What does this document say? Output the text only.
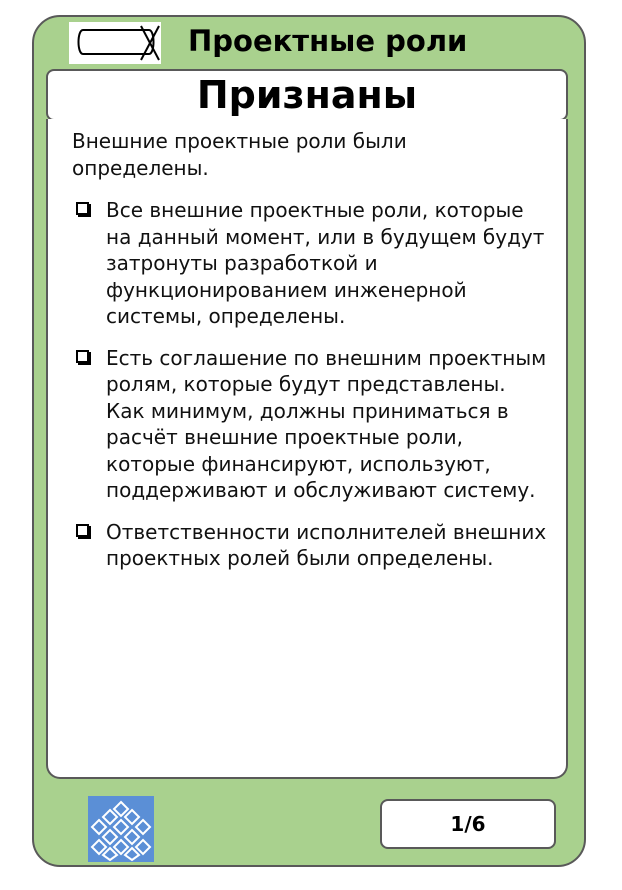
Проектные роли
Признаны

Внешние проектные роли были определены.

Все внешние проектные роли, которые на данный момент, или в будущем будут затронуты разработкой и функционированием инженерной системы, определены.
Есть соглашение по внешним проектным ролям, которые будут представлены. Как минимум, должны приниматься в расчёт внешние проектные роли, которые финансируют, используют, поддерживают и обслуживают систему.
Ответственности исполнителей внешних проектных ролей были определены.
1/6
